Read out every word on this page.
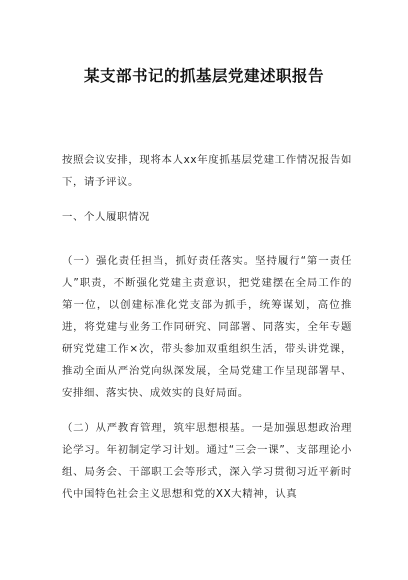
某支部书记的抓基层党建述职报告

按照会议安排，现将本人xx年度抓基层党建工作情况报告如下，请予评议。

一、个人履职情况

（一）强化责任担当，抓好责任落实。坚持履行“第一责任人”职责，不断强化党建主责意识，把党建摆在全局工作的第一位，以创建标准化党支部为抓手，统筹谋划，高位推进，将党建与业务工作同研究、同部署、同落实，全年专题研究党建工作×次，带头参加双重组织生活，带头讲党课，推动全面从严治党向纵深发展，全局党建工作呈现部署早、安排细、落实快、成效实的良好局面。

（二）从严教育管理，筑牢思想根基。一是加强思想政治理论学习。年初制定学习计划。通过“三会一课”、支部理论小组、局务会、干部职工会等形式，深入学习贯彻习近平新时代中国特色社会主义思想和党的XX大精神，认真
